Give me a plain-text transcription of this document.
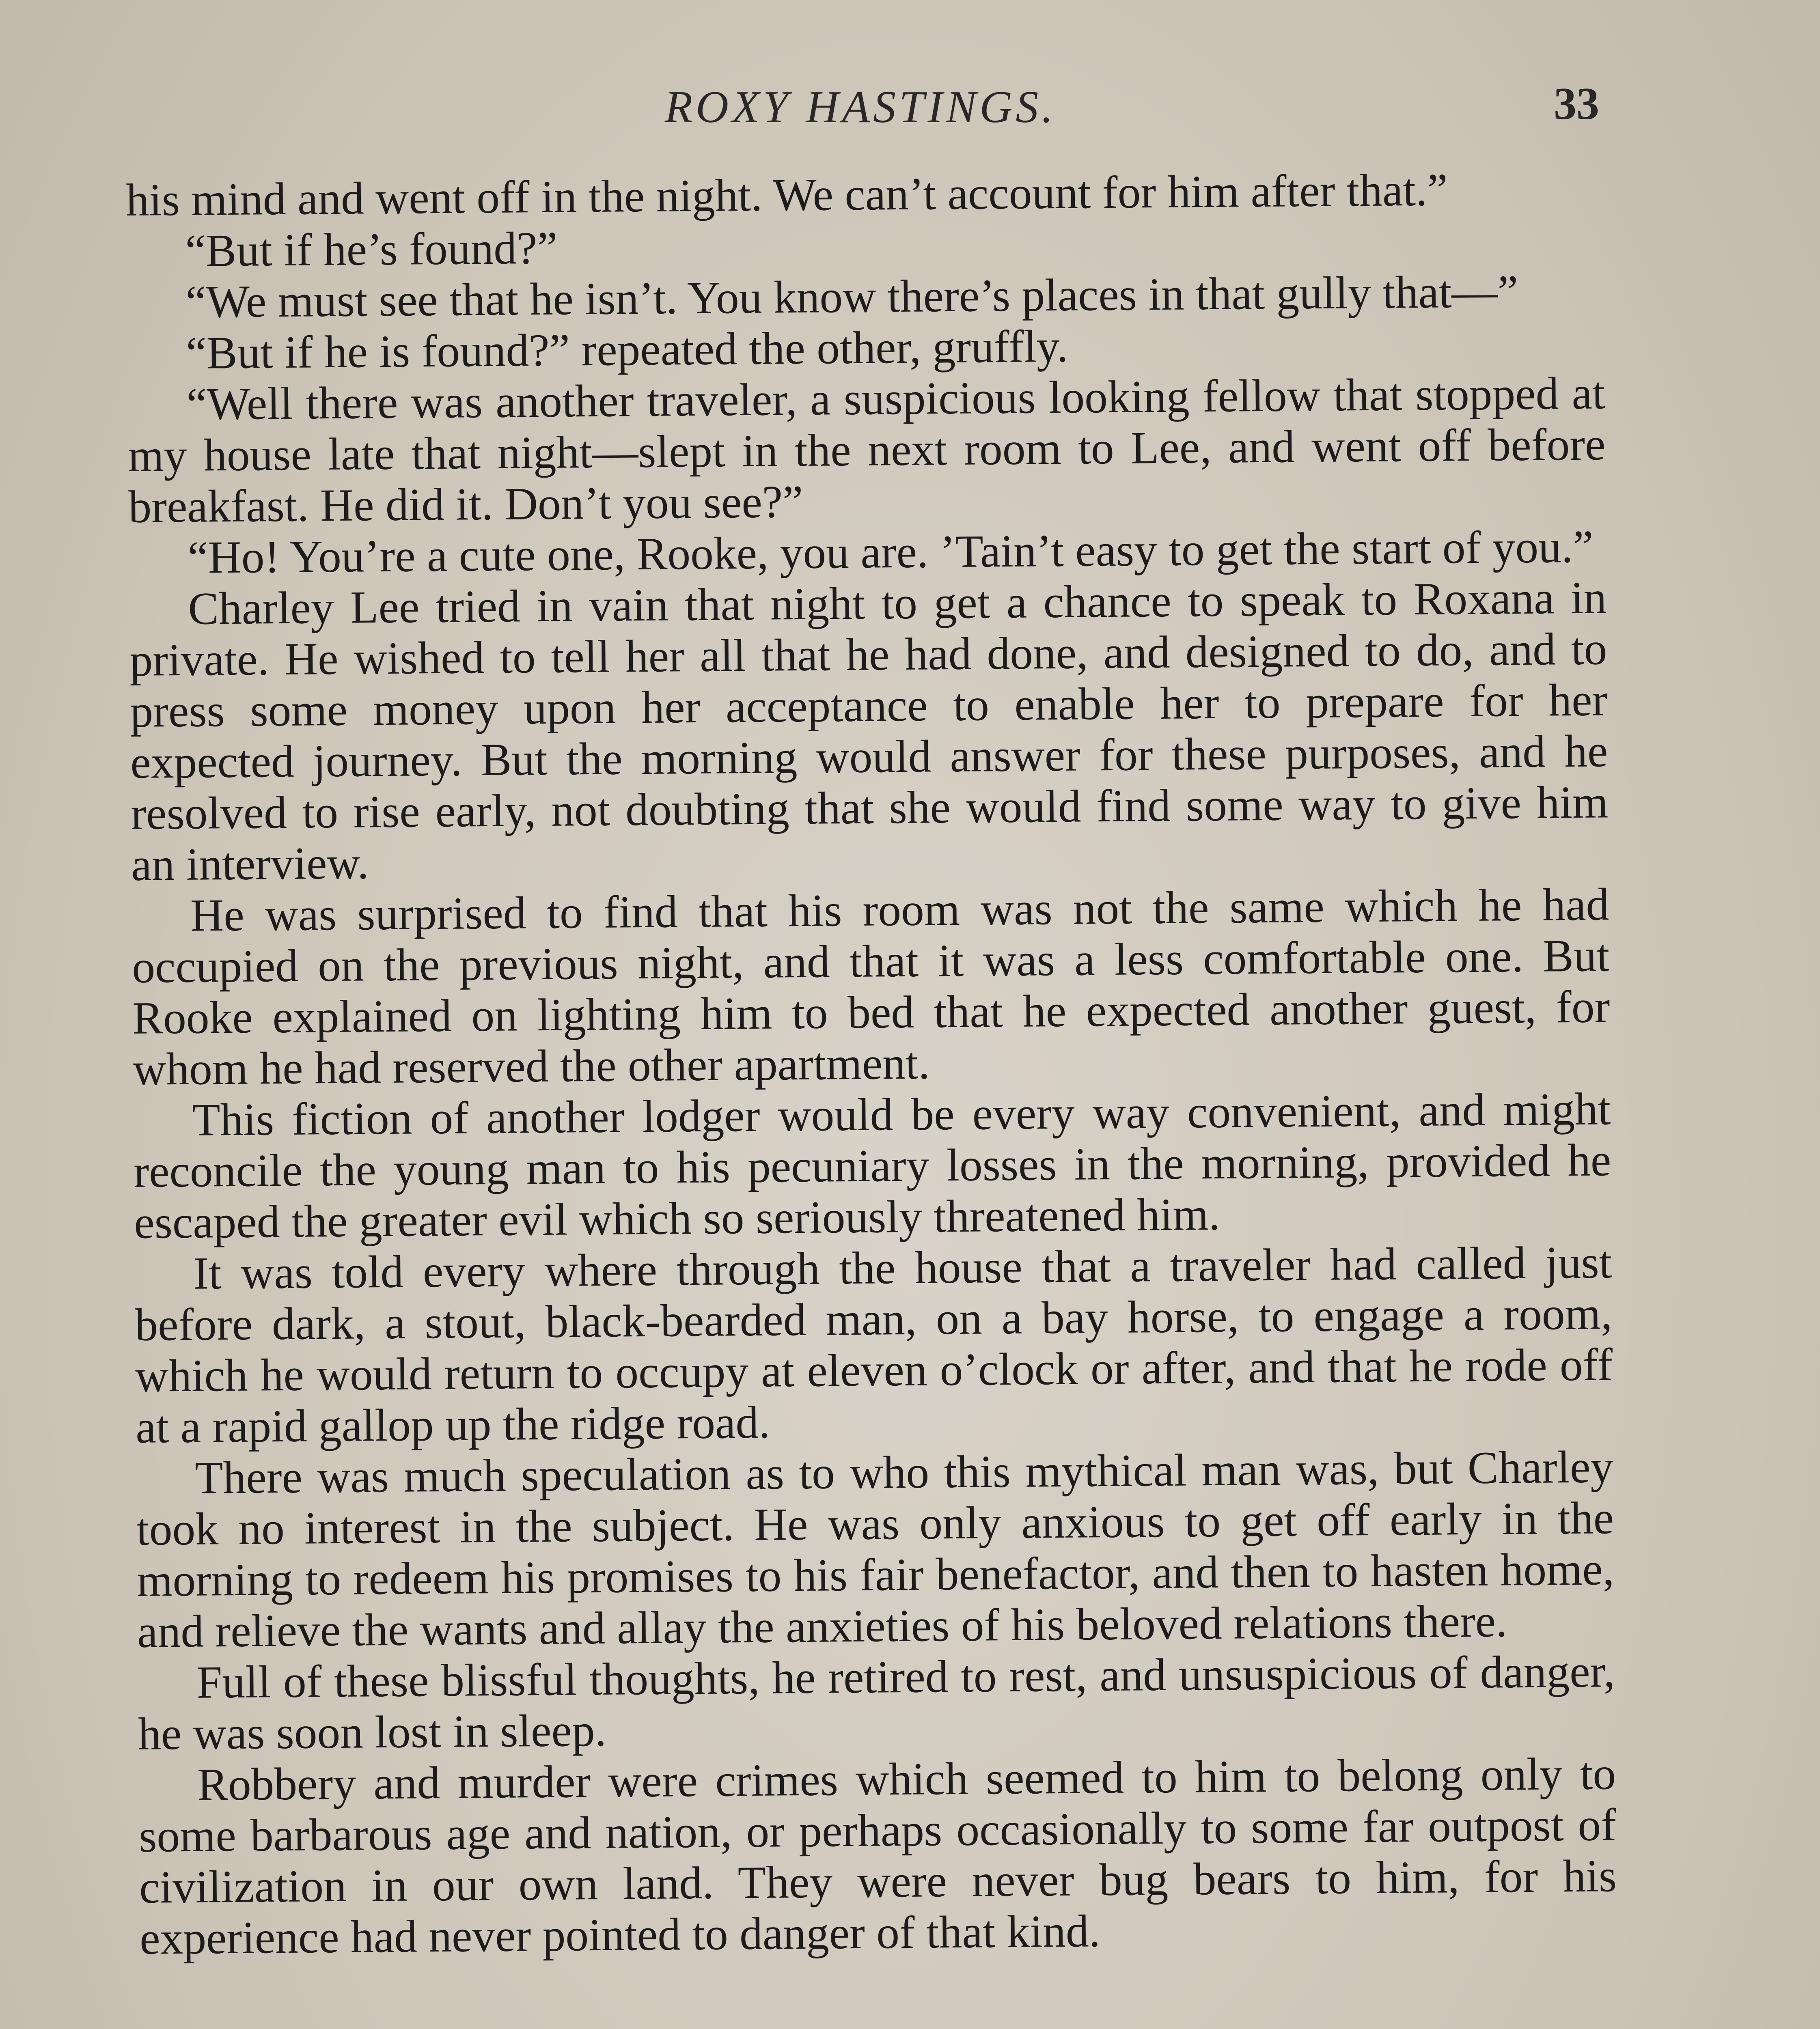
ROXY HASTINGS.	33

his mind and went off in the night. We can’t account for him after that.”

“But if he’s found?”

“We must see that he isn’t. You know there’s places in that gully that—”

“But if he is found?” repeated the other, gruffly.

“Well there was another traveler, a suspicious looking fellow that stopped at my house late that night—slept in the next room to Lee, and went off before breakfast. He did it. Don’t you see?”

“Ho! You’re a cute one, Rooke, you are. ’Tain’t easy to get the start of you.”

Charley Lee tried in vain that night to get a chance to speak to Roxana in private. He wished to tell her all that he had done, and designed to do, and to press some money upon her acceptance to enable her to prepare for her expected journey. But the morning would answer for these purposes, and he resolved to rise early, not doubting that she would find some way to give him an interview.

He was surprised to find that his room was not the same which he had occupied on the previous night, and that it was a less comfortable one. But Rooke explained on lighting him to bed that he expected another guest, for whom he had reserved the other apartment.

This fiction of another lodger would be every way convenient, and might reconcile the young man to his pecuniary losses in the morning, provided he escaped the greater evil which so seriously threatened him.

It was told every where through the house that a traveler had called just before dark, a stout, black-bearded man, on a bay horse, to engage a room, which he would return to occupy at eleven o’clock or after, and that he rode off at a rapid gallop up the ridge road.

There was much speculation as to who this mythical man was, but Charley took no interest in the subject. He was only anxious to get off early in the morning to redeem his promises to his fair benefactor, and then to hasten home, and relieve the wants and allay the anxieties of his beloved relations there.

Full of these blissful thoughts, he retired to rest, and unsuspicious of danger, he was soon lost in sleep.

Robbery and murder were crimes which seemed to him to belong only to some barbarous age and nation, or perhaps occasionally to some far outpost of civilization in our own land. They were never bug bears to him, for his experience had never pointed to danger of that kind.
